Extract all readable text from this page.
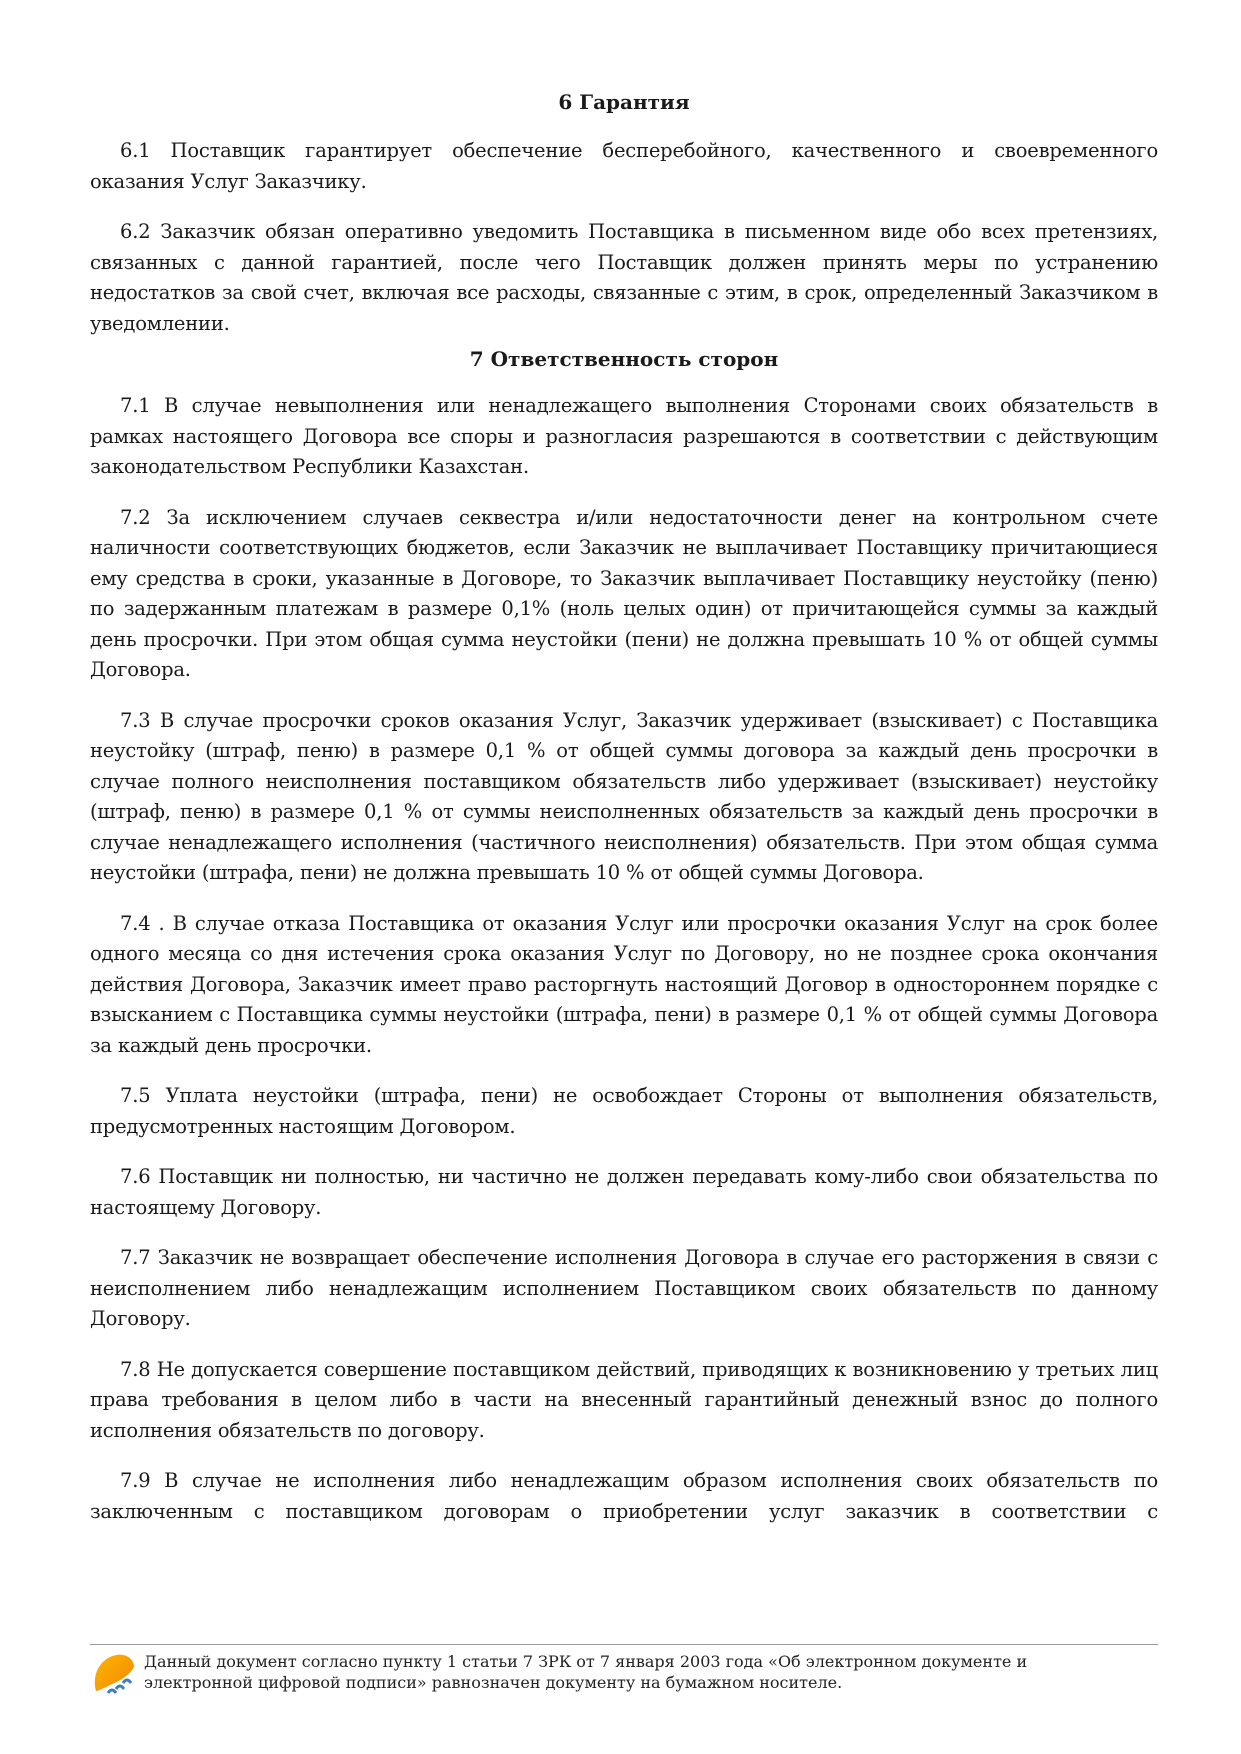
6 Гарантия

6.1 Поставщик гарантирует обеспечение бесперебойного, качественного и своевременного оказания Услуг Заказчику.

6.2 Заказчик обязан оперативно уведомить Поставщика в письменном виде обо всех претензиях, связанных с данной гарантией, после чего Поставщик должен принять меры по устранению недостатков за свой счет, включая все расходы, связанные с этим, в срок, определенный Заказчиком в уведомлении.

7 Ответственность сторон

7.1 В случае невыполнения или ненадлежащего выполнения Сторонами своих обязательств в рамках настоящего Договора все споры и разногласия разрешаются в соответствии с действующим законодательством Республики Казахстан.

7.2 За исключением случаев секвестра и/или недостаточности денег на контрольном счете наличности соответствующих бюджетов, если Заказчик не выплачивает Поставщику причитающиеся ему средства в сроки, указанные в Договоре, то Заказчик выплачивает Поставщику неустойку (пеню) по задержанным платежам в размере 0,1% (ноль целых один) от причитающейся суммы за каждый день просрочки. При этом общая сумма неустойки (пени) не должна превышать 10 % от общей суммы Договора.

7.3 В случае просрочки сроков оказания Услуг, Заказчик удерживает (взыскивает) с Поставщика неустойку (штраф, пеню) в размере 0,1 % от общей суммы договора за каждый день просрочки в случае полного неисполнения поставщиком обязательств либо удерживает (взыскивает) неустойку (штраф, пеню) в размере 0,1 % от суммы неисполненных обязательств за каждый день просрочки в случае ненадлежащего исполнения (частичного неисполнения) обязательств. При этом общая сумма неустойки (штрафа, пени) не должна превышать 10 % от общей суммы Договора.

7.4 . В случае отказа Поставщика от оказания Услуг или просрочки оказания Услуг на срок более одного месяца со дня истечения срока оказания Услуг по Договору, но не позднее срока окончания действия Договора, Заказчик имеет право расторгнуть настоящий Договор в одностороннем порядке с взысканием с Поставщика суммы неустойки (штрафа, пени) в размере 0,1 % от общей суммы Договора за каждый день просрочки.

7.5 Уплата неустойки (штрафа, пени) не освобождает Стороны от выполнения обязательств, предусмотренных настоящим Договором.

7.6 Поставщик ни полностью, ни частично не должен передавать кому-либо свои обязательства по настоящему Договору.

7.7 Заказчик не возвращает обеспечение исполнения Договора в случае его расторжения в связи с неисполнением либо ненадлежащим исполнением Поставщиком своих обязательств по данному Договору.

7.8 Не допускается совершение поставщиком действий, приводящих к возникновению у третьих лиц права требования в целом либо в части на внесенный гарантийный денежный взнос до полного исполнения обязательств по договору.

7.9 В случае не исполнения либо ненадлежащим образом исполнения своих обязательств по заключенным с поставщиком договорам о приобретении услуг заказчик в соответствии с

Данный документ согласно пункту 1 статьи 7 ЗРК от 7 января 2003 года «Об электронном документе и
электронной цифровой подписи» равнозначен документу на бумажном носителе.
